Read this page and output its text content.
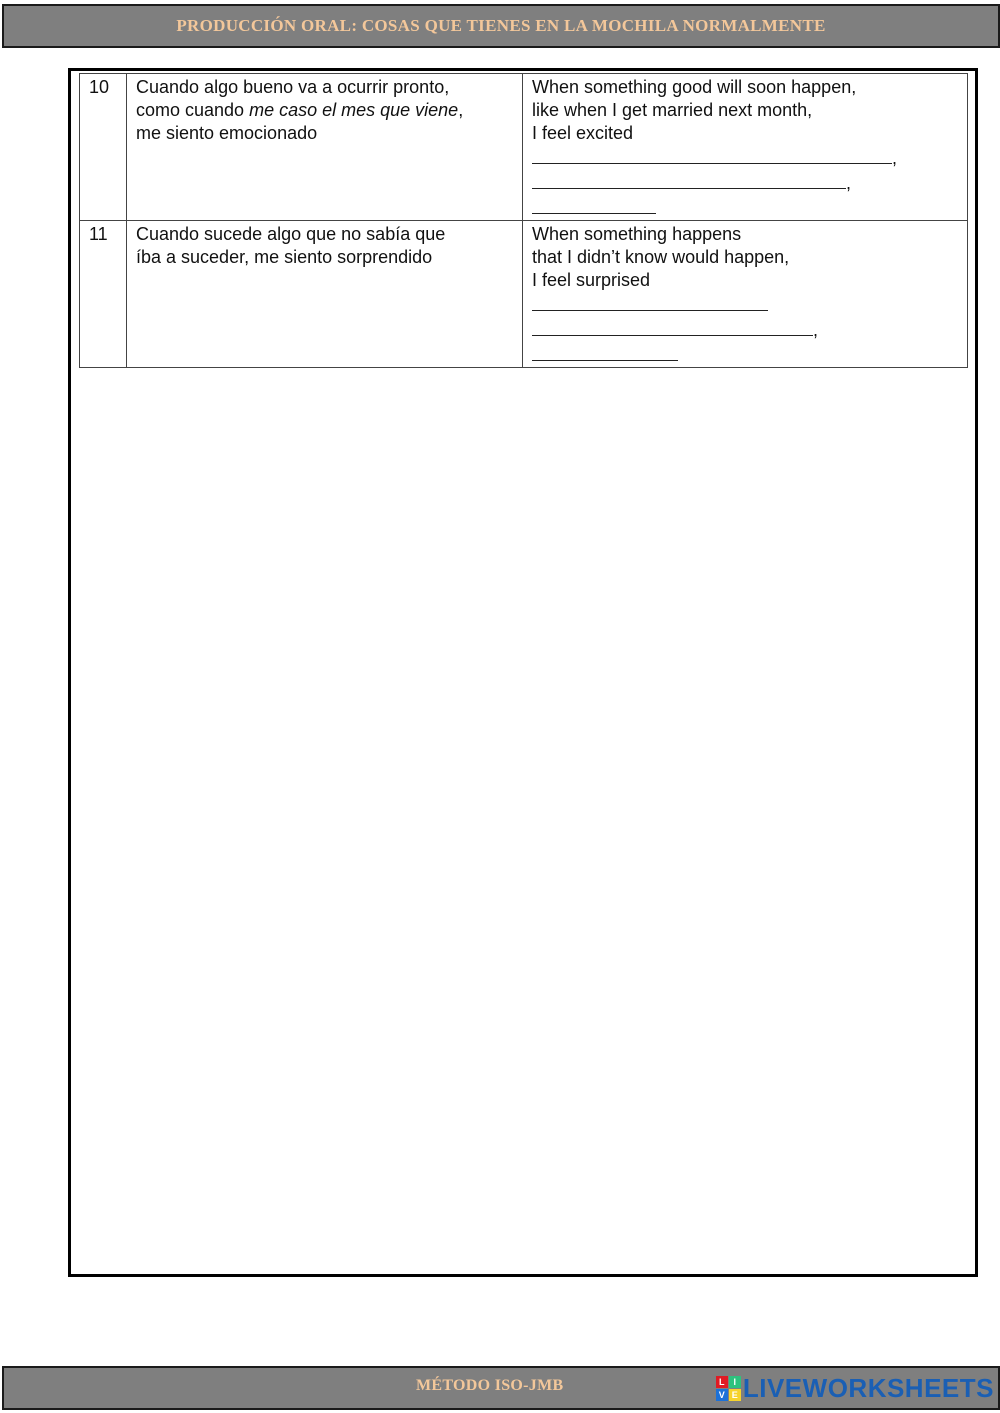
PRODUCCIÓN ORAL: COSAS QUE TIENES EN LA MOCHILA NORMALMENTE
10	Cuando algo bueno va a ocurrir pronto,
como cuando me caso el mes que viene,
me siento emocionado	When something good will soon happen,
like when I get married next month,
I feel excited
,
,

11	Cuando sucede algo que no sabía que
íba a suceder, me siento sorprendido	When something happens
that I didn’t know would happen,
I feel surprised
,
MÉTODO ISO-JMB	L I
V E LIVEWORKSHEETS
